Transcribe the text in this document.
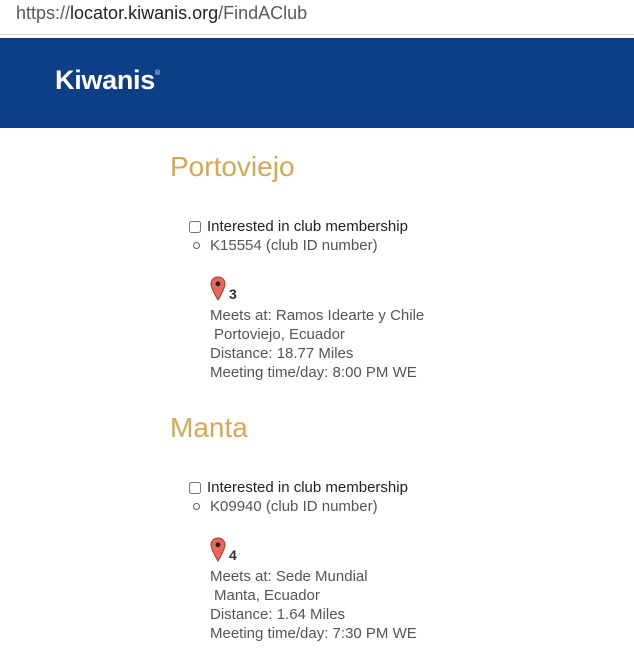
https://locator.kiwanis.org/FindAClub

Kiwanis®
Portoviejo
Interested in club membership
K15554 (club ID number)
3
Meets at: Ramos Idearte y Chile
Portoviejo, Ecuador
Distance: 18.77 Miles
Meeting time/day: 8:00 PM WE
Manta
Interested in club membership
K09940 (club ID number)
4
Meets at: Sede Mundial
Manta, Ecuador
Distance: 1.64 Miles
Meeting time/day: 7:30 PM WE
